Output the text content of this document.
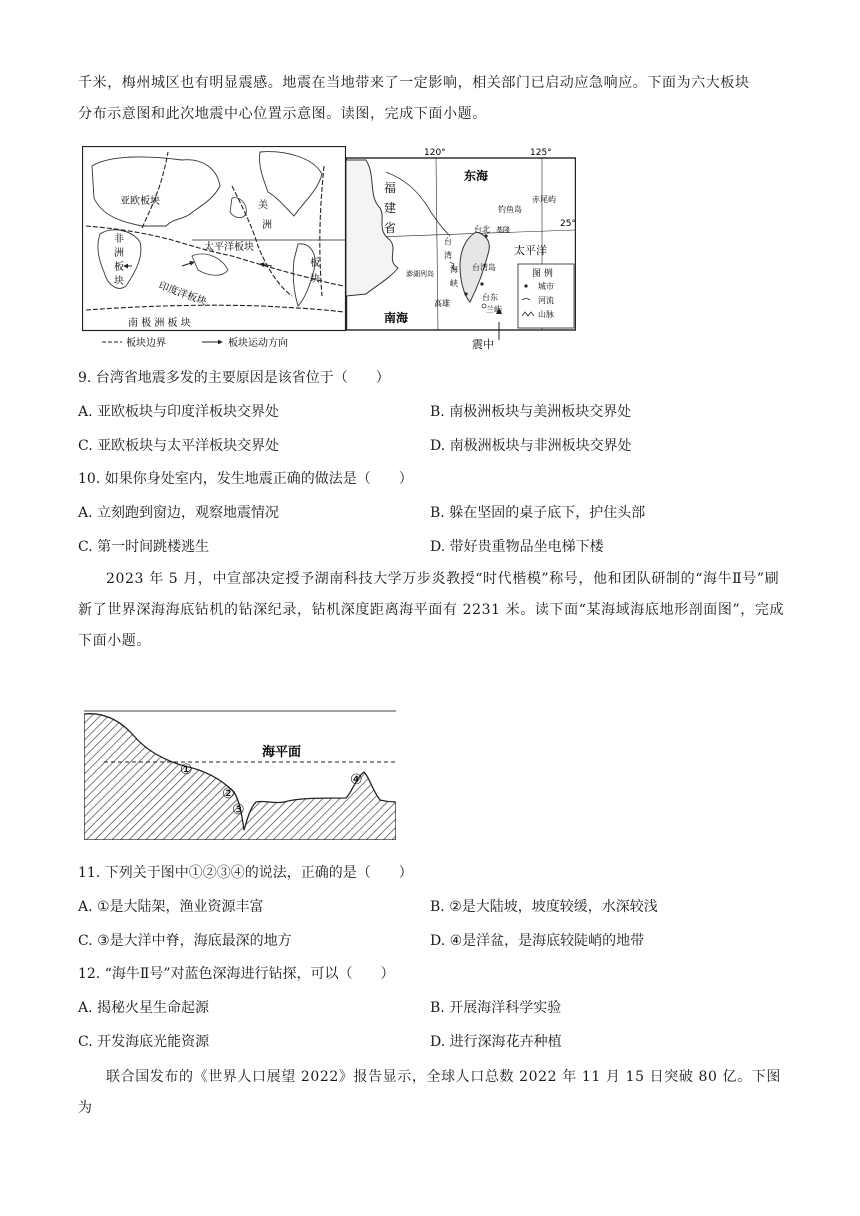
千米，梅州城区也有明显震感。地震在当地带来了一定影响，相关部门已启动应急响应。下面为六大板块
分布示意图和此次地震中心位置示意图。读图，完成下面小题。
亚欧板块	美
洲
太平洋板块
非
洲
板
块	印度洋板块
板
块
南 极 洲 板 块
板块边界	板块运动方向
120°	125°
25°
震中
东海
福
建
省
赤尾屿
钓鱼岛
台北 基隆
台
湾
海
峡
台湾岛
澎湖列岛
高雄
台东
兰屿
太平洋
南海
图 例
城市
河流
山脉
9. 台湾省地震多发的主要原因是该省位于（　　）
A. 亚欧板块与印度洋板块交界处	B. 南极洲板块与美洲板块交界处
C. 亚欧板块与太平洋板块交界处	D. 南极洲板块与非洲板块交界处
10. 如果你身处室内，发生地震正确的做法是（　　）
A. 立刻跑到窗边，观察地震情况	B. 躲在坚固的桌子底下，护住头部
C. 第一时间跳楼逃生	D. 带好贵重物品坐电梯下楼
2023 年 5 月，中宣部决定授予湖南科技大学万步炎教授“时代楷模”称号，他和团队研制的“海牛Ⅱ号”刷新了世界深海海底钻机的钻深纪录，钻机深度距离海平面有 2231 米。读下面“某海域海底地形剖面图”，完成下面小题。
海平面
①
②
③
④
11. 下列关于图中①②③④的说法，正确的是（　　）
A. ①是大陆架，渔业资源丰富	B. ②是大陆坡，坡度较缓，水深较浅
C. ③是大洋中脊，海底最深的地方	D. ④是洋盆，是海底较陡峭的地带
12. “海牛Ⅱ号”对蓝色深海进行钻探，可以（　　）
A. 揭秘火星生命起源	B. 开展海洋科学实验
C. 开发海底光能资源	D. 进行深海花卉种植
联合国发布的《世界人口展望 2022》报告显示，全球人口总数 2022 年 11 月 15 日突破 80 亿。下图为
